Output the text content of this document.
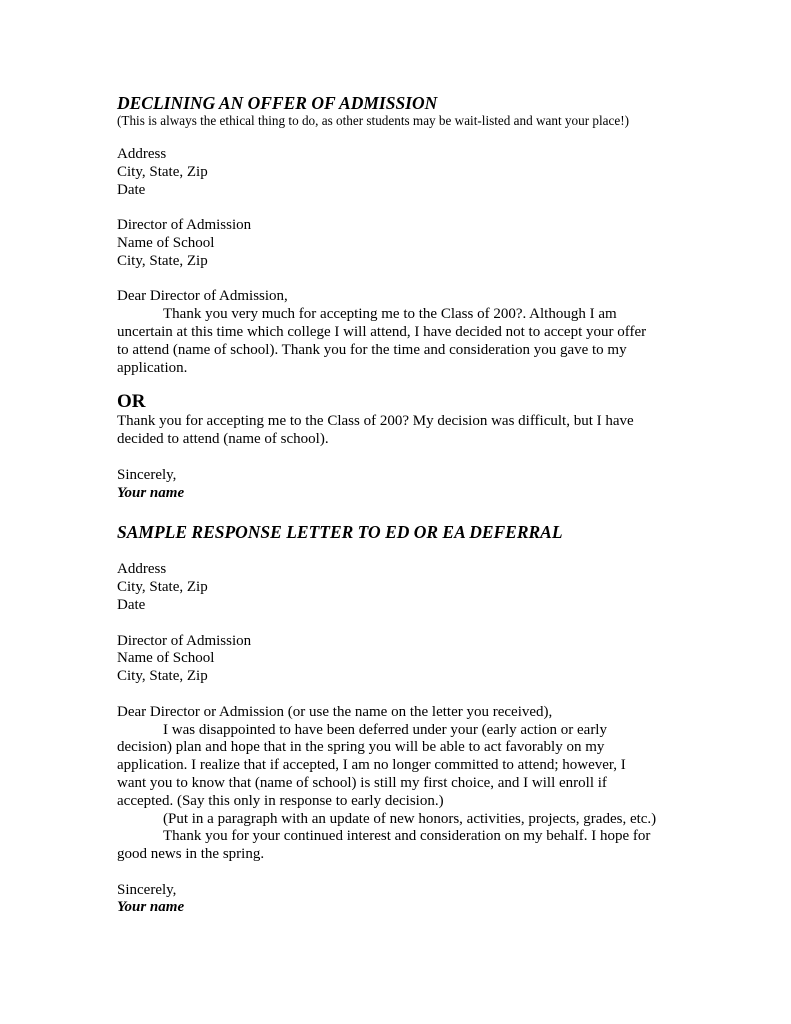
DECLINING AN OFFER OF ADMISSION

(This is always the ethical thing to do, as other students may be wait-listed and want your place!)

Address
City, State, Zip
Date
Director of Admission
Name of School
City, State, Zip
Dear Director of Admission,
Thank you very much for accepting me to the Class of 200?. Although I am
uncertain at this time which college I will attend, I have decided not to accept your offer
to attend (name of school). Thank you for the time and consideration you gave to my
application.

OR

Thank you for accepting me to the Class of 200? My decision was difficult, but I have
decided to attend (name of school).
Sincerely,
Your name
SAMPLE RESPONSE LETTER TO ED OR EA DEFERRAL
Address
City, State, Zip
Date
Director of Admission
Name of School
City, State, Zip
Dear Director or Admission (or use the name on the letter you received),
I was disappointed to have been deferred under your (early action or early
decision) plan and hope that in the spring you will be able to act favorably on my
application. I realize that if accepted, I am no longer committed to attend; however, I
want you to know that (name of school) is still my first choice, and I will enroll if
accepted. (Say this only in response to early decision.)
(Put in a paragraph with an update of new honors, activities, projects, grades, etc.)
Thank you for your continued interest and consideration on my behalf. I hope for
good news in the spring.
Sincerely,
Your name
